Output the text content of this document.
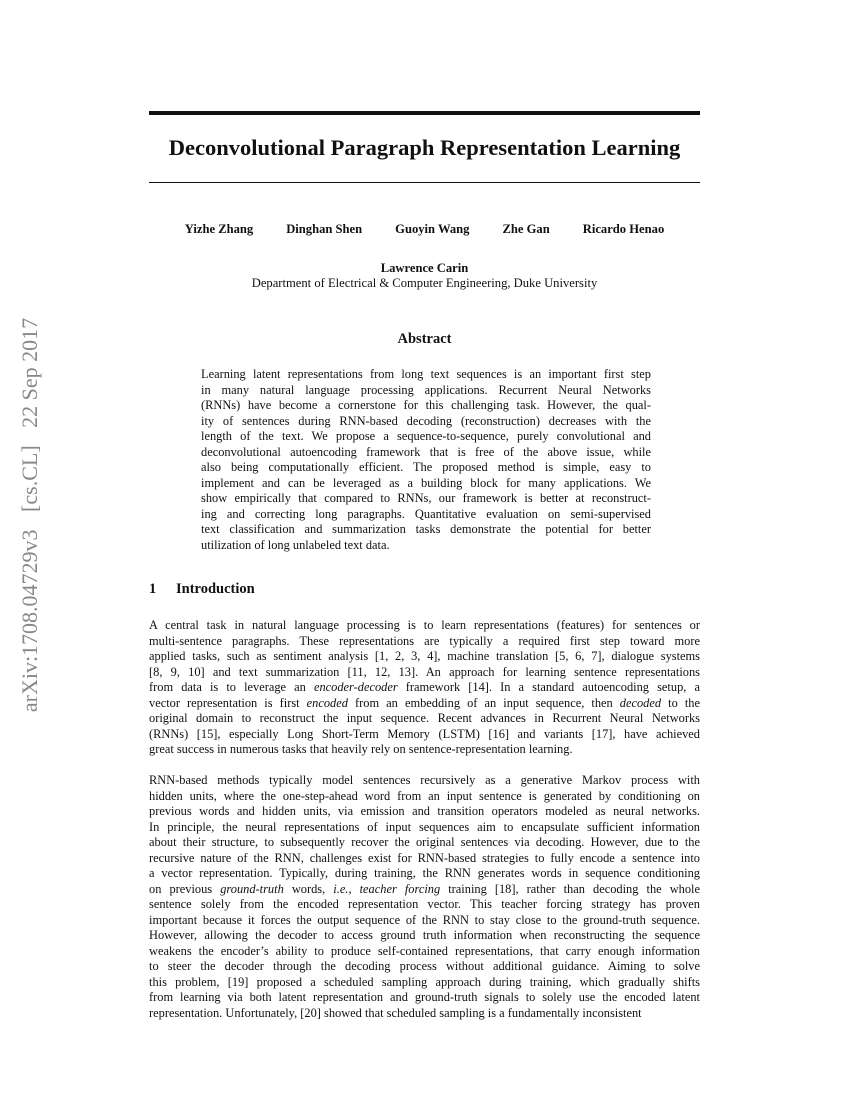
arXiv:1708.04729v3 [cs.CL] 22 Sep 2017
Deconvolutional Paragraph Representation Learning
Yizhe Zhang	Dinghan Shen	Guoyin Wang	Zhe Gan	Ricardo Henao
Lawrence Carin
Department of Electrical & Computer Engineering, Duke University
Abstract
Learning latent representations from long text sequences is an important first step
in many natural language processing applications. Recurrent Neural Networks
(RNNs) have become a cornerstone for this challenging task. However, the qual-
ity of sentences during RNN-based decoding (reconstruction) decreases with the
length of the text. We propose a sequence-to-sequence, purely convolutional and
deconvolutional autoencoding framework that is free of the above issue, while
also being computationally efficient. The proposed method is simple, easy to
implement and can be leveraged as a building block for many applications. We
show empirically that compared to RNNs, our framework is better at reconstruct-
ing and correcting long paragraphs. Quantitative evaluation on semi-supervised
text classification and summarization tasks demonstrate the potential for better
utilization of long unlabeled text data.
1 Introduction
A central task in natural language processing is to learn representations (features) for sentences or
multi-sentence paragraphs. These representations are typically a required first step toward more
applied tasks, such as sentiment analysis [1, 2, 3, 4], machine translation [5, 6, 7], dialogue systems
[8, 9, 10] and text summarization [11, 12, 13]. An approach for learning sentence representations
from data is to leverage an encoder-decoder framework [14]. In a standard autoencoding setup, a
vector representation is first encoded from an embedding of an input sequence, then decoded to the
original domain to reconstruct the input sequence. Recent advances in Recurrent Neural Networks
(RNNs) [15], especially Long Short-Term Memory (LSTM) [16] and variants [17], have achieved
great success in numerous tasks that heavily rely on sentence-representation learning.
RNN-based methods typically model sentences recursively as a generative Markov process with
hidden units, where the one-step-ahead word from an input sentence is generated by conditioning on
previous words and hidden units, via emission and transition operators modeled as neural networks.
In principle, the neural representations of input sequences aim to encapsulate sufficient information
about their structure, to subsequently recover the original sentences via decoding. However, due to the
recursive nature of the RNN, challenges exist for RNN-based strategies to fully encode a sentence into
a vector representation. Typically, during training, the RNN generates words in sequence conditioning
on previous ground-truth words, i.e., teacher forcing training [18], rather than decoding the whole
sentence solely from the encoded representation vector. This teacher forcing strategy has proven
important because it forces the output sequence of the RNN to stay close to the ground-truth sequence.
However, allowing the decoder to access ground truth information when reconstructing the sequence
weakens the encoder’s ability to produce self-contained representations, that carry enough information
to steer the decoder through the decoding process without additional guidance. Aiming to solve
this problem, [19] proposed a scheduled sampling approach during training, which gradually shifts
from learning via both latent representation and ground-truth signals to solely use the encoded latent
representation. Unfortunately, [20] showed that scheduled sampling is a fundamentally inconsistent
